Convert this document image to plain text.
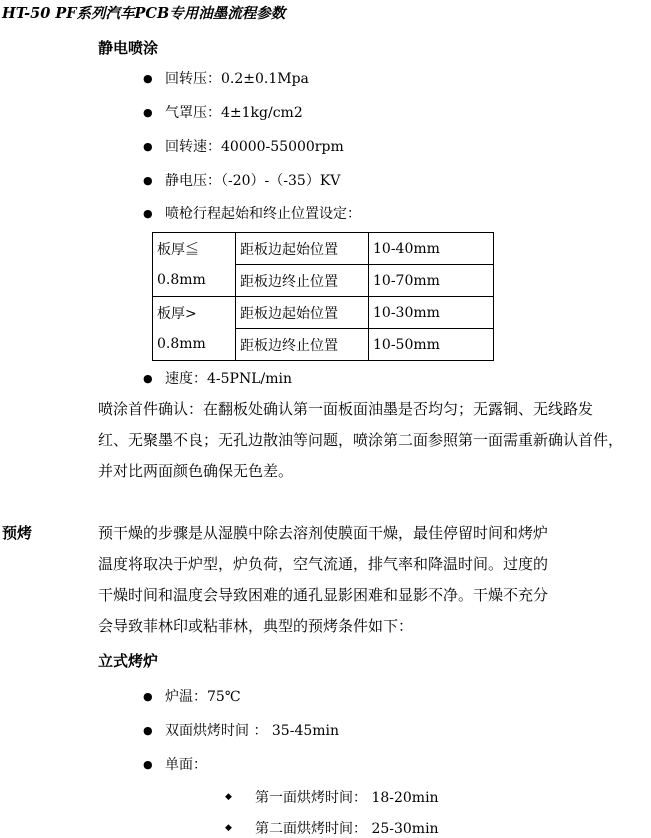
HT-50 PF系列汽车PCB专用油墨流程参数
静电喷涂
● 回转压：0.2±0.1Mpa
● 气罩压：4±1kg/cm2
● 回转速：40000-55000rpm
● 静电压：（-20）-（-35）KV
● 喷枪行程起始和终止位置设定：
板厚≦	距板边起始位置	10-40mm
0.8mm	距板边终止位置	10-70mm
板厚>	距板边起始位置	10-30mm
0.8mm	距板边终止位置	10-50mm
● 速度：4-5PNL/min
喷涂首件确认：在翻板处确认第一面板面油墨是否均匀；无露铜、无线路发
红、无聚墨不良；无孔边散油等问题，喷涂第二面参照第一面需重新确认首件，
并对比两面颜色确保无色差。
预烤	预干燥的步骤是从湿膜中除去溶剂使膜面干燥，最佳停留时间和烤炉
温度将取决于炉型，炉负荷，空气流通，排气率和降温时间。过度的
干燥时间和温度会导致困难的通孔显影困难和显影不净。干燥不充分
会导致菲林印或粘菲林，典型的预烤条件如下：
立式烤炉
● 炉温：75℃
● 双面烘烤时间 ： 35-45min
● 单面：
◆ 第一面烘烤时间： 18-20min
◆ 第二面烘烤时间： 25-30min
